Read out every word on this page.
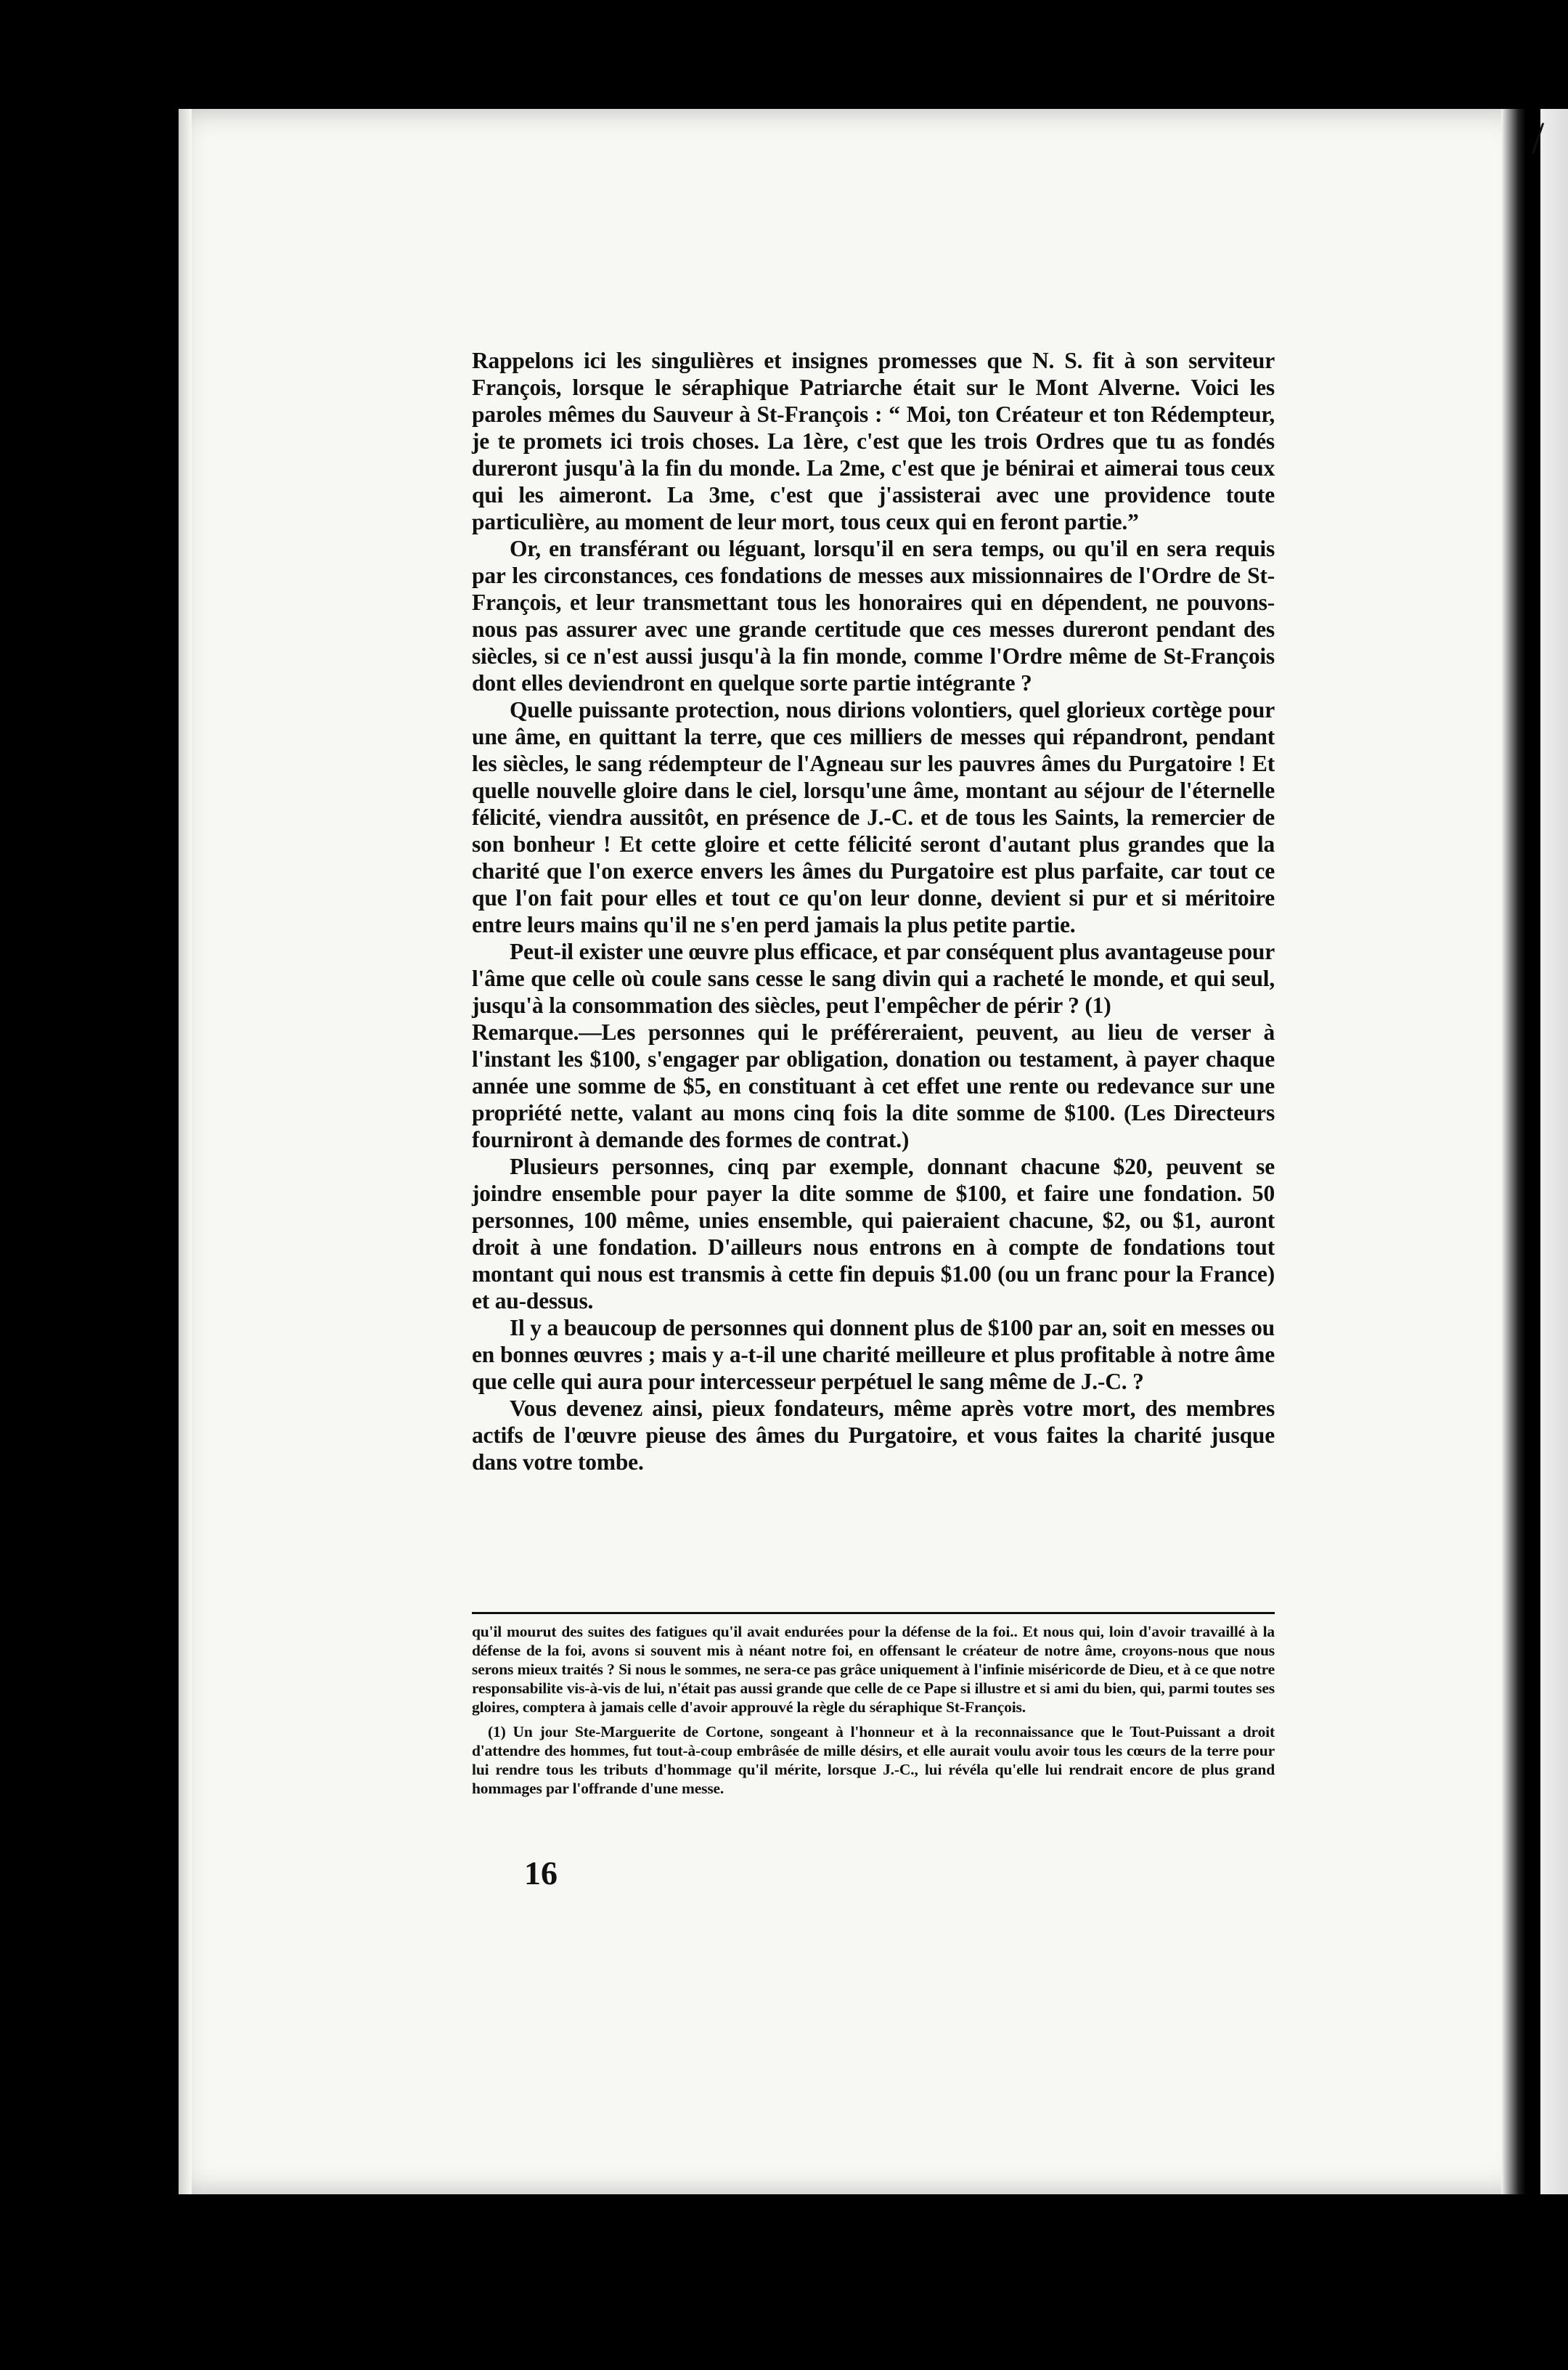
/

Rappelons ici les singulières et insignes promesses que N. S. fit à son serviteur François, lorsque le séraphique Patriarche était sur le Mont Alverne. Voici les paroles mêmes du Sauveur à St-François : “ Moi, ton Créateur et ton Rédempteur, je te promets ici trois choses. La 1ère, c'est que les trois Ordres que tu as fondés dureront jusqu'à la fin du monde. La 2me, c'est que je bénirai et aimerai tous ceux qui les aimeront. La 3me, c'est que j'assisterai avec une providence toute particulière, au moment de leur mort, tous ceux qui en feront partie.”

Or, en transférant ou léguant, lorsqu'il en sera temps, ou qu'il en sera requis par les circonstances, ces fondations de messes aux missionnaires de l'Ordre de St-François, et leur transmettant tous les honoraires qui en dépendent, ne pouvons-nous pas assurer avec une grande certitude que ces messes dureront pendant des siècles, si ce n'est aussi jusqu'à la fin monde, comme l'Ordre même de St-François dont elles deviendront en quelque sorte partie intégrante ?

Quelle puissante protection, nous dirions volontiers, quel glorieux cortège pour une âme, en quittant la terre, que ces milliers de messes qui répandront, pendant les siècles, le sang rédempteur de l'Agneau sur les pauvres âmes du Purgatoire ! Et quelle nouvelle gloire dans le ciel, lorsqu'une âme, montant au séjour de l'éternelle félicité, viendra aussitôt, en présence de J.-C. et de tous les Saints, la remercier de son bonheur ! Et cette gloire et cette félicité seront d'autant plus grandes que la charité que l'on exerce envers les âmes du Purgatoire est plus parfaite, car tout ce que l'on fait pour elles et tout ce qu'on leur donne, devient si pur et si méritoire entre leurs mains qu'il ne s'en perd jamais la plus petite partie.

Peut-il exister une œuvre plus efficace, et par conséquent plus avantageuse pour l'âme que celle où coule sans cesse le sang divin qui a racheté le monde, et qui seul, jusqu'à la consommation des siècles, peut l'empêcher de périr ? (1)

Remarque.—Les personnes qui le préféreraient, peuvent, au lieu de verser à l'instant les $100, s'engager par obligation, donation ou testament, à payer chaque année une somme de $5, en constituant à cet effet une rente ou redevance sur une propriété nette, valant au mons cinq fois la dite somme de $100. (Les Directeurs fourniront à demande des formes de contrat.)

Plusieurs personnes, cinq par exemple, donnant chacune $20, peuvent se joindre ensemble pour payer la dite somme de $100, et faire une fondation. 50 personnes, 100 même, unies ensemble, qui paieraient chacune, $2, ou $1, auront droit à une fondation. D'ailleurs nous entrons en à compte de fondations tout montant qui nous est transmis à cette fin depuis $1.00 (ou un franc pour la France) et au-dessus.

Il y a beaucoup de personnes qui donnent plus de $100 par an, soit en messes ou en bonnes œuvres ; mais y a-t-il une charité meilleure et plus profitable à notre âme que celle qui aura pour intercesseur perpétuel le sang même de J.-C. ?

Vous devenez ainsi, pieux fondateurs, même après votre mort, des membres actifs de l'œuvre pieuse des âmes du Purgatoire, et vous faites la charité jusque dans votre tombe.

qu'il mourut des suites des fatigues qu'il avait endurées pour la défense de la foi.. Et nous qui, loin d'avoir travaillé à la défense de la foi, avons si souvent mis à néant notre foi, en offensant le créateur de notre âme, croyons-nous que nous serons mieux traités ? Si nous le sommes, ne sera-ce pas grâce uniquement à l'infinie miséricorde de Dieu, et à ce que notre responsabilite vis-à-vis de lui, n'était pas aussi grande que celle de ce Pape si illustre et si ami du bien, qui, parmi toutes ses gloires, comptera à jamais celle d'avoir approuvé la règle du séraphique St-François.

(1) Un jour Ste-Marguerite de Cortone, songeant à l'honneur et à la reconnaissance que le Tout-Puissant a droit d'attendre des hommes, fut tout-à-coup embrâsée de mille désirs, et elle aurait voulu avoir tous les cœurs de la terre pour lui rendre tous les tributs d'hommage qu'il mérite, lorsque J.-C., lui révéla qu'elle lui rendrait encore de plus grand hommages par l'offrande d'une messe.

16
